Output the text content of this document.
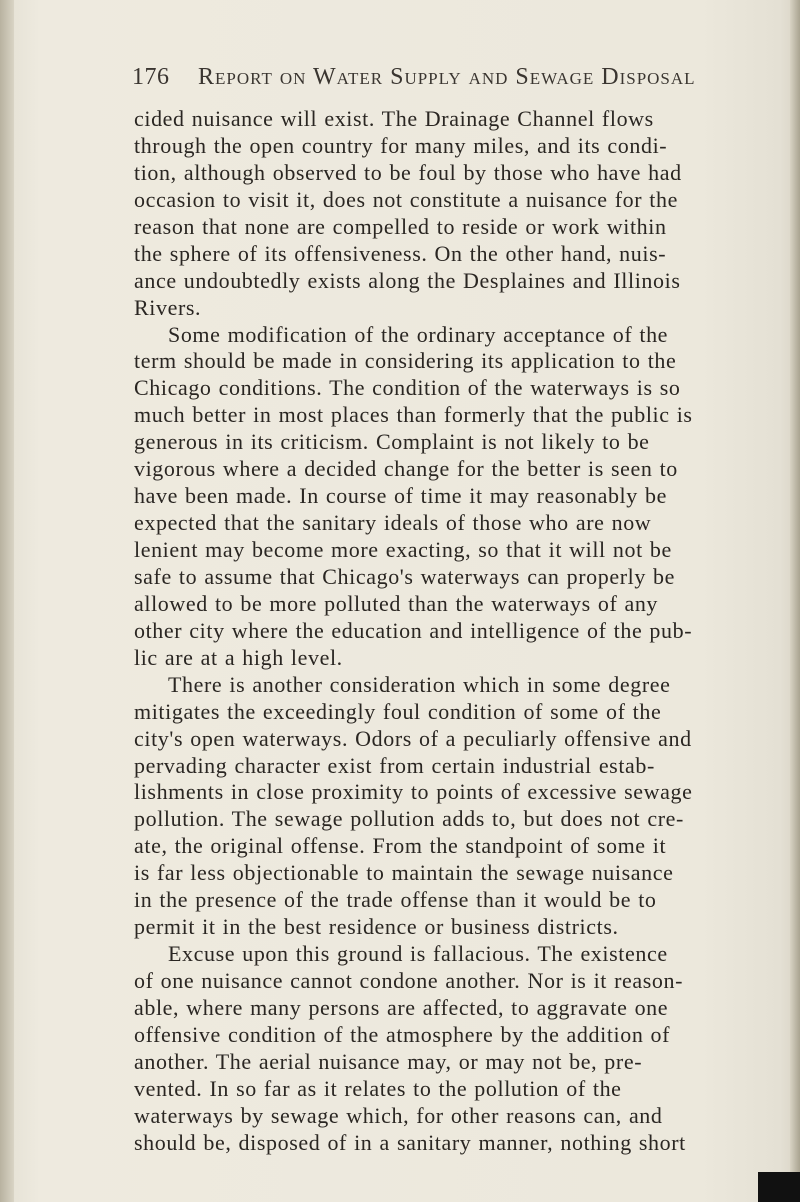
176 Report on Water Supply and Sewage Disposal
cided nuisance will exist. The Drainage Channel flows
through the open country for many miles, and its condi-
tion, although observed to be foul by those who have had
occasion to visit it, does not constitute a nuisance for the
reason that none are compelled to reside or work within
the sphere of its offensiveness. On the other hand, nuis-
ance undoubtedly exists along the Desplaines and Illinois
Rivers.
Some modification of the ordinary acceptance of the
term should be made in considering its application to the
Chicago conditions. The condition of the waterways is so
much better in most places than formerly that the public is
generous in its criticism. Complaint is not likely to be
vigorous where a decided change for the better is seen to
have been made. In course of time it may reasonably be
expected that the sanitary ideals of those who are now
lenient may become more exacting, so that it will not be
safe to assume that Chicago's waterways can properly be
allowed to be more polluted than the waterways of any
other city where the education and intelligence of the pub-
lic are at a high level.
There is another consideration which in some degree
mitigates the exceedingly foul condition of some of the
city's open waterways. Odors of a peculiarly offensive and
pervading character exist from certain industrial estab-
lishments in close proximity to points of excessive sewage
pollution. The sewage pollution adds to, but does not cre-
ate, the original offense. From the standpoint of some it
is far less objectionable to maintain the sewage nuisance
in the presence of the trade offense than it would be to
permit it in the best residence or business districts.
Excuse upon this ground is fallacious. The existence
of one nuisance cannot condone another. Nor is it reason-
able, where many persons are affected, to aggravate one
offensive condition of the atmosphere by the addition of
another. The aerial nuisance may, or may not be, pre-
vented. In so far as it relates to the pollution of the
waterways by sewage which, for other reasons can, and
should be, disposed of in a sanitary manner, nothing short
